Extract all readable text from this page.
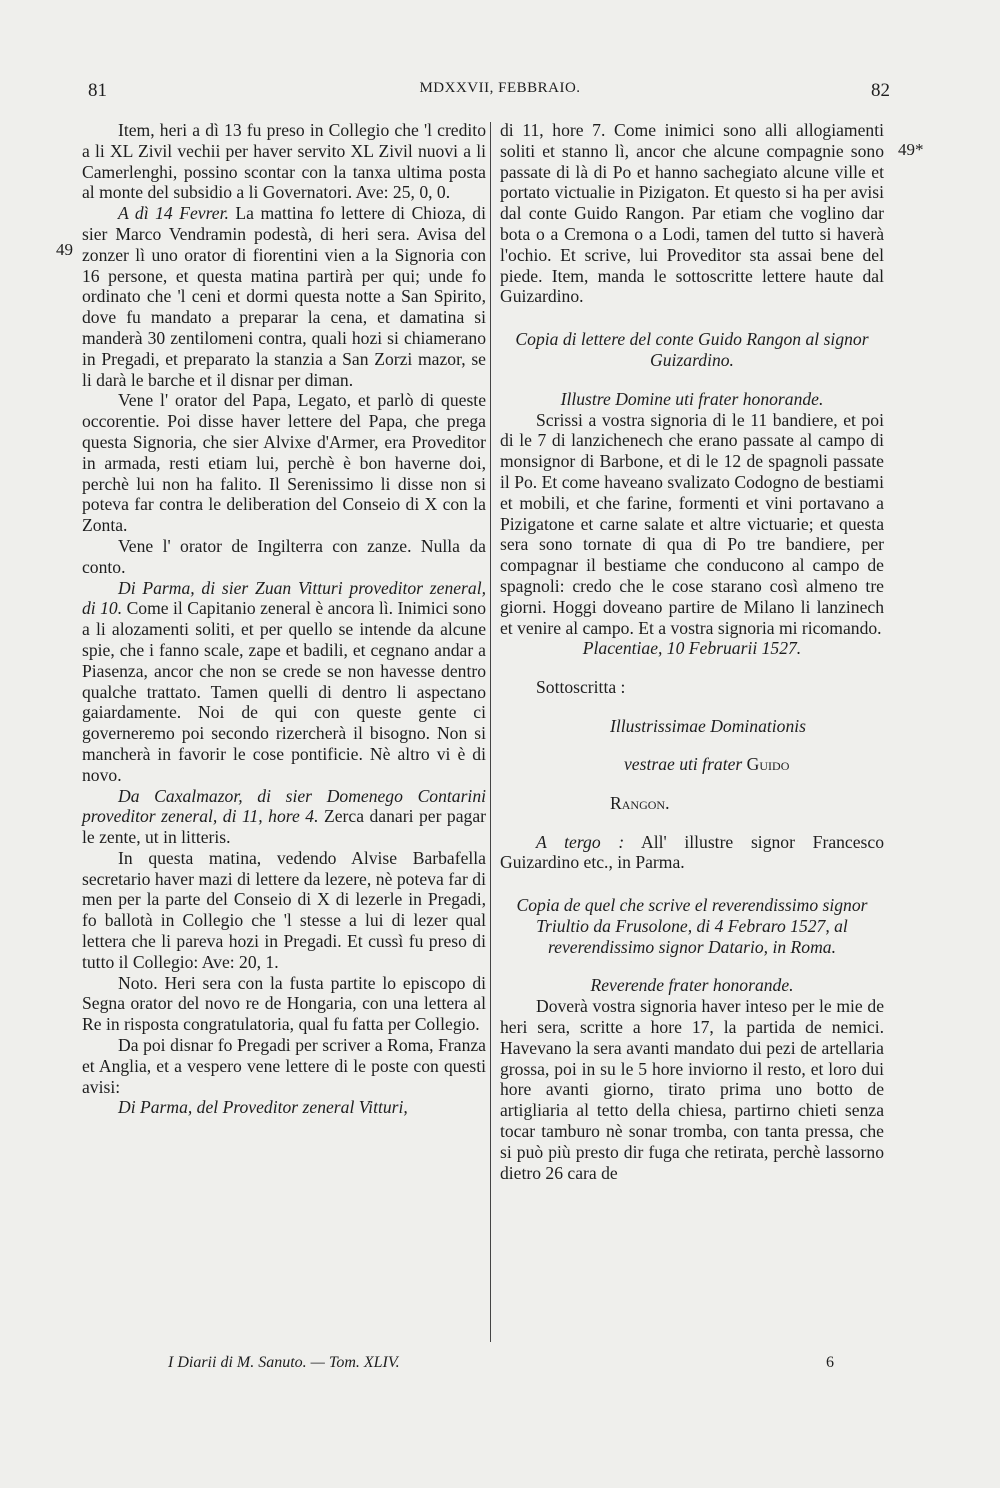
81	MDXXVII, FEBBRAIO.	82
49
49*

Item, heri a dì 13 fu preso in Collegio che 'l credito a li XL Zivil vechii per haver servito XL Zivil nuovi a li Camerlenghi, possino scontar con la tanxa ultima posta al monte del subsidio a li Governatori. Ave: 25, 0, 0.

A dì 14 Fevrer. La mattina fo lettere di Chioza, di sier Marco Vendramin podestà, di heri sera. Avisa del zonzer lì uno orator di fiorentini vien a la Signoria con 16 persone, et questa matina partirà per qui; unde fo ordinato che 'l ceni et dormi questa notte a San Spirito, dove fu mandato a preparar la cena, et damatina si manderà 30 zentilomeni contra, quali hozi si chiamerano in Pregadi, et preparato la stanzia a San Zorzi mazor, se li darà le barche et il disnar per diman.

Vene l' orator del Papa, Legato, et parlò di queste occorentie. Poi disse haver lettere del Papa, che prega questa Signoria, che sier Alvixe d'Armer, era Proveditor in armada, resti etiam lui, perchè è bon haverne doi, perchè lui non ha falito. Il Serenissimo li disse non si poteva far contra le deliberation del Conseio di X con la Zonta.

Vene l' orator de Ingilterra con zanze. Nulla da conto.

Di Parma, di sier Zuan Vitturi proveditor zeneral, di 10. Come il Capitanio zeneral è ancora lì. Inimici sono a li alozamenti soliti, et per quello se intende da alcune spie, che i fanno scale, zape et badili, et cegnano andar a Piasenza, ancor che non se crede se non havesse dentro qualche trattato. Tamen quelli di dentro li aspectano gaiardamente. Noi de qui con queste gente ci governeremo poi secondo rizercherà il bisogno. Non si mancherà in favorir le cose pontificie. Nè altro vi è di novo.

Da Caxalmazor, di sier Domenego Contarini proveditor zeneral, di 11, hore 4. Zerca danari per pagar le zente, ut in litteris.

In questa matina, vedendo Alvise Barbafella secretario haver mazi di lettere da lezere, nè poteva far di men per la parte del Conseio di X di lezerle in Pregadi, fo ballotà in Collegio che 'l stesse a lui di lezer qual lettera che li pareva hozi in Pregadi. Et cussì fu preso di tutto il Collegio: Ave: 20, 1.

Noto. Heri sera con la fusta partite lo episcopo di Segna orator del novo re de Hongaria, con una lettera al Re in risposta congratulatoria, qual fu fatta per Collegio.

Da poi disnar fo Pregadi per scriver a Roma, Franza et Anglia, et a vespero vene lettere di le poste con questi avisi:

Di Parma, del Proveditor zeneral Vitturi,

di 11, hore 7. Come inimici sono alli allogiamenti soliti et stanno lì, ancor che alcune compagnie sono passate di là di Po et hanno sachegiato alcune ville et portato victualie in Pizigaton. Et questo si ha per avisi dal conte Guido Rangon. Par etiam che voglino dar bota o a Cremona o a Lodi, tamen del tutto si haverà l'ochio. Et scrive, lui Proveditor sta assai bene del piede. Item, manda le sottoscritte lettere haute dal Guizardino.

Copia di lettere del conte Guido Rangon al signor Guizardino.

Illustre Domine uti frater honorande.

Scrissi a vostra signoria di le 11 bandiere, et poi di le 7 di lanzichenech che erano passate al campo di monsignor di Barbone, et di le 12 de spagnoli passate il Po. Et come haveano svalizato Codogno de bestiami et mobili, et che farine, formenti et vini portavano a Pizigatone et carne salate et altre victuarie; et questa sera sono tornate di qua di Po tre bandiere, per compagnar il bestiame che conducono al campo de spagnoli: credo che le cose starano così almeno tre giorni. Hoggi doveano partire de Milano li lanzinech et venire al campo. Et a vostra signoria mi ricomando.

Placentiae, 10 Februarii 1527.

Sottoscritta :

Illustrissimae Dominationis

vestrae uti frater Guido

Rangon.

A tergo : All' illustre signor Francesco Guizardino etc., in Parma.

Copia de quel che scrive el reverendissimo signor Triultio da Frusolone, di 4 Febraro 1527, al reverendissimo signor Datario, in Roma.

Reverende frater honorande.

Doverà vostra signoria haver inteso per le mie de heri sera, scritte a hore 17, la partida de nemici. Havevano la sera avanti mandato dui pezi de artellaria grossa, poi in su le 5 hore inviorno il resto, et loro dui hore avanti giorno, tirato prima uno botto de artigliaria al tetto della chiesa, partirno chieti senza tocar tamburo nè sonar tromba, con tanta pressa, che si può più presto dir fuga che retirata, perchè lassorno dietro 26 cara de

I Diarii di M. Sanuto. — Tom. XLIV.	6
